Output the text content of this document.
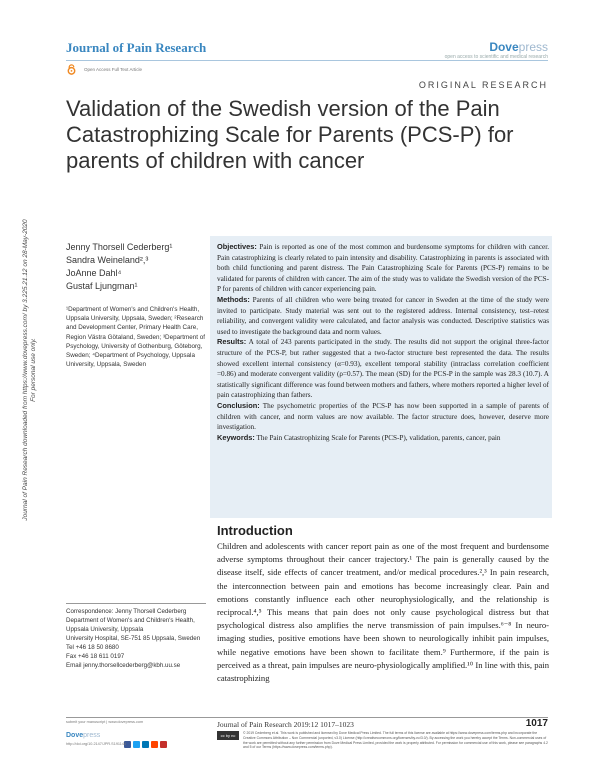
Journal of Pain Research	Dovepress
open access to scientific and medical research
Open Access Full Text Article
ORIGINAL RESEARCH
Validation of the Swedish version of the Pain Catastrophizing Scale for Parents (PCS-P) for parents of children with cancer
Journal of Pain Research downloaded from https://www.dovepress.com/ by 3.225.21.12 on 28-May-2020 For personal use only.
Jenny Thorsell Cederberg¹
Sandra Weineland²,³
JoAnne Dahl⁴
Gustaf Ljungman¹
¹Department of Women's and Children's Health, Uppsala University, Uppsala, Sweden; ²Research and Development Center, Primary Health Care, Region Västra Götaland, Sweden; ³Department of Psychology, University of Gothenburg, Göteborg, Sweden; ⁴Department of Psychology, Uppsala University, Uppsala, Sweden

Objectives: Pain is reported as one of the most common and burdensome symptoms for children with cancer. Pain catastrophizing is clearly related to pain intensity and disability. Catastrophizing in parents is associated with both child functioning and parent distress. The Pain Catastrophizing Scale for Parents (PCS-P) remains to be validated for parents of children with cancer. The aim of the study was to validate the Swedish version of the PCS-P for parents of children with cancer experiencing pain.

Methods: Parents of all children who were being treated for cancer in Sweden at the time of the study were invited to participate. Study material was sent out to the registered address. Internal consistency, test–retest reliability, and convergent validity were calculated, and factor analysis was conducted. Descriptive statistics was used to investigate the background data and norm values.

Results: A total of 243 parents participated in the study. The results did not support the original three-factor structure of the PCS-P, but rather suggested that a two-factor structure best represented the data. The results showed excellent internal consistency (α=0.93), excellent temporal stability (intraclass correlation coefficient =0.86) and moderate convergent validity (ρ=0.57). The mean (SD) for the PCS-P in the sample was 28.3 (10.7). A statistically significant difference was found between mothers and fathers, where mothers reported a higher level of pain catastrophizing than fathers.

Conclusion: The psychometric properties of the PCS-P has now been supported in a sample of parents of children with cancer, and norm values are now available. The factor structure does, however, deserve more investigation.

Keywords: The Pain Catastrophizing Scale for Parents (PCS-P), validation, parents, cancer, pain

Introduction
Children and adolescents with cancer report pain as one of the most frequent and burdensome adverse symptoms throughout their cancer trajectory.¹ The pain is generally caused by the disease itself, side effects of cancer treatment, and/or medical procedures.²,³ In pain research, the interconnection between pain and emotions has become increasingly clear. Pain and emotions constantly influence each other neurophysiologically, and the relationship is reciprocal.⁴,⁵ This means that pain does not only cause psychological distress but that psychological distress also amplifies the nerve transmission of pain impulses.⁶⁻⁸ In neuro-imaging studies, positive emotions have been shown to neurologically inhibit pain impulses, while negative emotions have been shown to facilitate them.⁹ Furthermore, if the pain is perceived as a threat, pain impulses are neuro-physiologically amplified.¹⁰ In line with this, pain catastrophizing
Correspondence: Jenny Thorsell Cederberg
Department of Women's and Children's Health, Uppsala University, Uppsala
University Hospital, SE-751 85 Uppsala, Sweden
Tel +46 18 50 8680
Fax +46 18 611 0197
Email jenny.thorsellcederberg@kbh.uu.se
submit your manuscript | www.dovepress.com
Dovepress
http://doi.org/10.2147/JPR.S191144
Journal of Pain Research 2019:12 1017–1023	1017
cc by nc	© 2019 Cederberg et al. This work is published and licensed by Dove Medical Press Limited. The full terms of this license are available at https://www.dovepress.com/terms.php and incorporate the Creative Commons Attribution – Non Commercial (unported, v3.0) License (http://creativecommons.org/licenses/by-nc/3.0/). By accessing the work you hereby accept the Terms. Non-commercial uses of the work are permitted without any further permission from Dove Medical Press Limited, provided the work is properly attributed. For permission for commercial use of this work, please see paragraphs 4.2 and 5 of our Terms (https://www.dovepress.com/terms.php).
